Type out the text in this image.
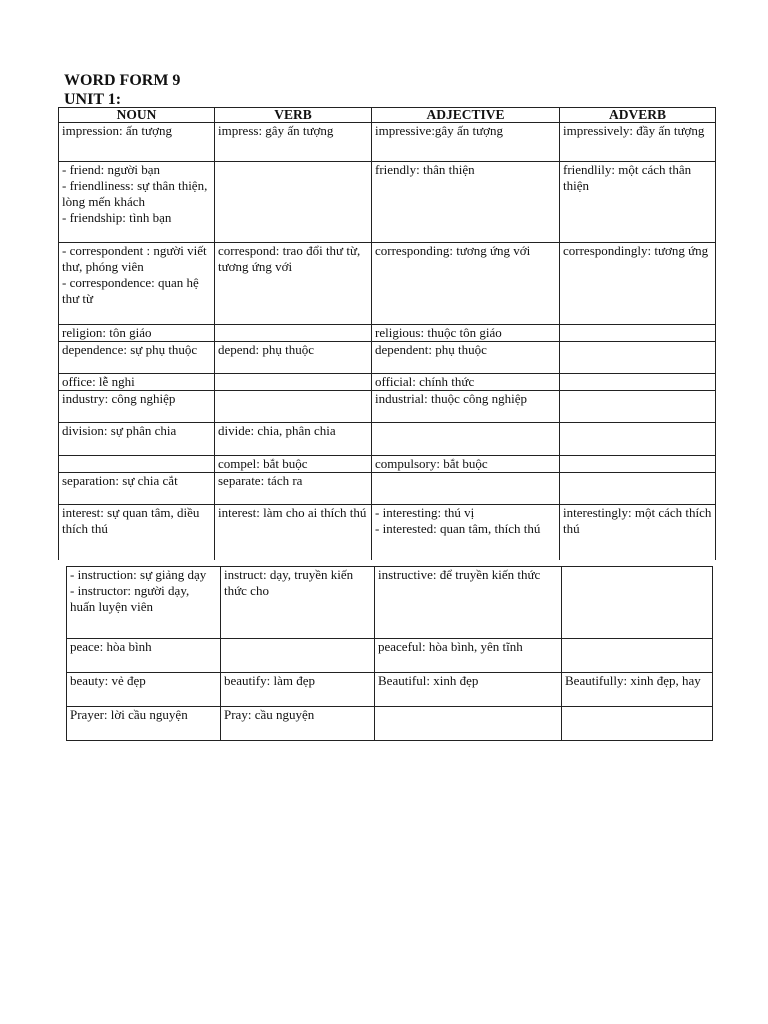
WORD FORM 9
UNIT 1:
NOUN	VERB	ADJECTIVE	ADVERB

impression: ấn tượng	impress: gây ấn tượng	impressive:gây ấn tượng	impressively: đầy ấn tượng

- friend: người bạn
- friendliness: sự thân thiện, lòng mến khách
- friendship: tình bạn		friendly: thân thiện	friendlily: một cách thân thiện

- correspondent : người viết thư, phóng viên
- correspondence: quan hệ thư từ	correspond: trao đổi thư từ, tương ứng với	corresponding: tương ứng với	correspondingly: tương ứng

religion: tôn giáo		religious: thuộc tôn giáo	

dependence: sự phụ thuộc	depend: phụ thuộc	dependent: phụ thuộc	

office: lễ nghi		official: chính thức	

industry: công nghiệp		industrial: thuộc công nghiệp	

division: sự phân chia	divide: chia, phân chia		

	compel: bắt buộc	compulsory: bắt buộc	

separation: sự chia cắt	separate: tách ra		

interest: sự quan tâm, diều thích thú	interest: làm cho ai thích thú	- interesting: thú vị
- interested: quan tâm, thích thú	interestingly: một cách thích thú
- instruction: sự giảng dạy
- instructor: người dạy, huấn luyện viên	instruct: dạy, truyền kiến thức cho	instructive: để truyền kiến thức	

peace: hòa bình		peaceful: hòa bình, yên tĩnh	

beauty: vẻ đẹp	beautify: làm đẹp	Beautiful: xinh đẹp	Beautifully: xinh đẹp, hay

Prayer: lời cầu nguyện	Pray: cầu nguyện		
